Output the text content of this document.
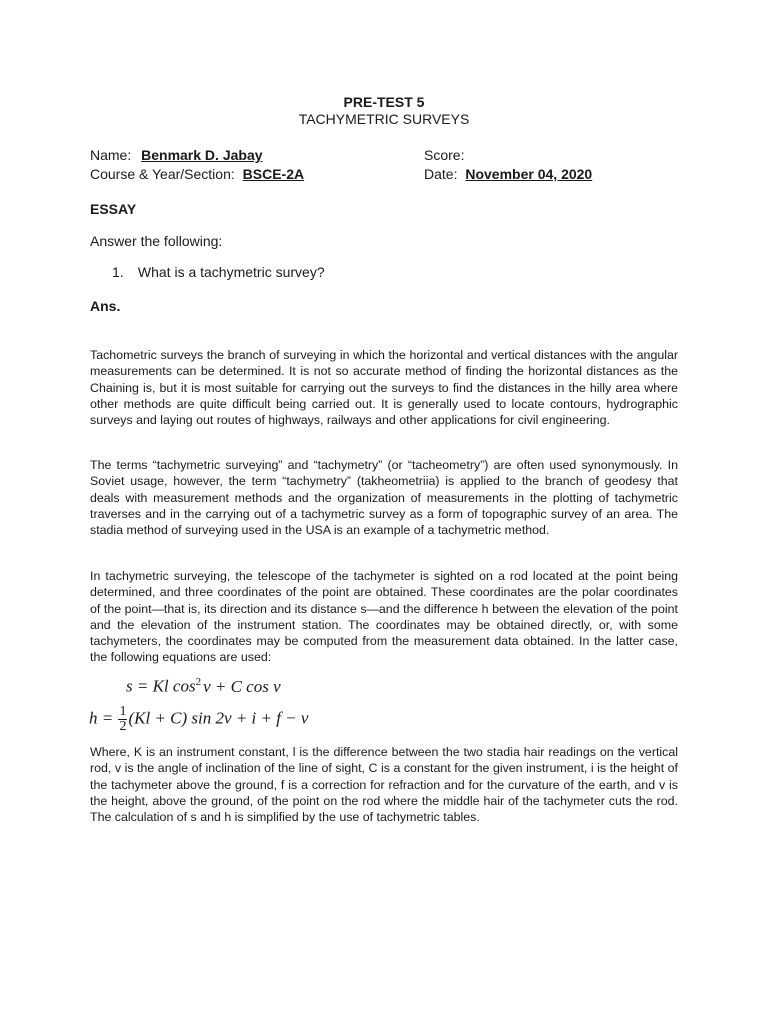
PRE-TEST 5
TACHYMETRIC SURVEYS
Name: Benmark D. Jabay	Score:
Course & Year/Section: BSCE-2A	Date: November 04, 2020
ESSAY
Answer the following:
1. What is a tachymetric survey?
Ans.

Tachometric surveys the branch of surveying in which the horizontal and vertical distances with the angular measurements can be determined. It is not so accurate method of finding the horizontal distances as the Chaining is, but it is most suitable for carrying out the surveys to find the distances in the hilly area where other methods are quite difficult being carried out. It is generally used to locate contours, hydrographic surveys and laying out routes of highways, railways and other applications for civil engineering.

The terms “tachymetric surveying” and “tachymetry” (or “tacheometry”) are often used synonymously. In Soviet usage, however, the term “tachymetry” (takheometriia) is applied to the branch of geodesy that deals with measurement methods and the organization of measurements in the plotting of tachymetric traverses and in the carrying out of a tachymetric survey as a form of topographic survey of an area. The stadia method of surveying used in the USA is an example of a tachymetric method.

In tachymetric surveying, the telescope of the tachymeter is sighted on a rod located at the point being determined, and three coordinates of the point are obtained. These coordinates are the polar coordinates of the point—that is, its direction and its distance s—and the difference h between the elevation of the point and the elevation of the instrument station. The coordinates may be obtained directly, or, with some tachymeters, the coordinates may be computed from the measurement data obtained. In the latter case, the following equations are used:

s = Kl $\cos^2 v + C$ cos v
$h = \frac{1}{2} (Kl + C)$ sin 2v + i + f − v

Where, K is an instrument constant, l is the difference between the two stadia hair readings on the vertical rod, v is the angle of inclination of the line of sight, C is a constant for the given instrument, i is the height of the tachymeter above the ground, f is a correction for refraction and for the curvature of the earth, and v is the height, above the ground, of the point on the rod where the middle hair of the tachymeter cuts the rod. The calculation of s and h is simplified by the use of tachymetric tables.
